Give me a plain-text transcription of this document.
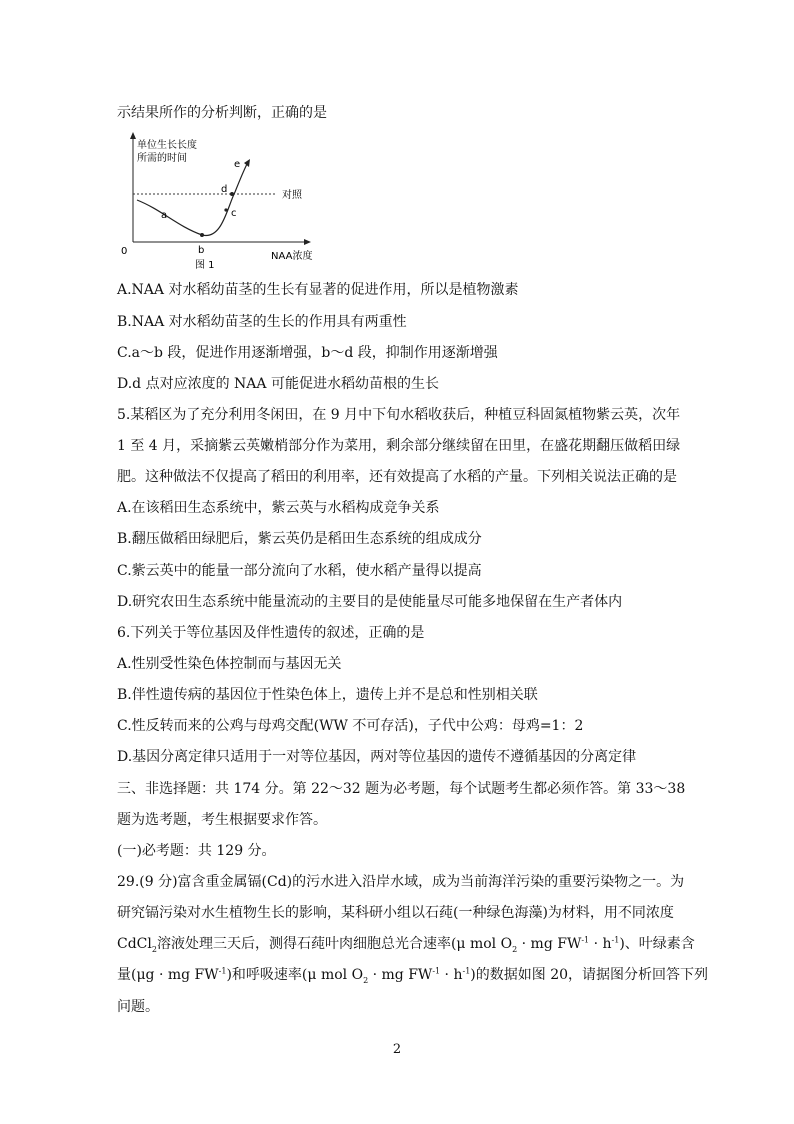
示结果所作的分析判断，正确的是
单位生长长度
所需的时间
0	NAA浓度
对照
a
b
c
d
e
图 1
A.NAA 对水稻幼苗茎的生长有显著的促进作用，所以是植物激素
B.NAA 对水稻幼苗茎的生长的作用具有两重性
C.a～b 段，促进作用逐渐增强，b～d 段，抑制作用逐渐增强
D.d 点对应浓度的 NAA 可能促进水稻幼苗根的生长
5.某稻区为了充分利用冬闲田，在 9 月中下旬水稻收获后，种植豆科固氮植物紫云英，次年
1 至 4 月，采摘紫云英嫩梢部分作为菜用，剩余部分继续留在田里，在盛花期翻压做稻田绿
肥。这种做法不仅提高了稻田的利用率，还有效提高了水稻的产量。下列相关说法正确的是
A.在该稻田生态系统中，紫云英与水稻构成竞争关系
B.翻压做稻田绿肥后，紫云英仍是稻田生态系统的组成成分
C.紫云英中的能量一部分流向了水稻，使水稻产量得以提高
D.研究农田生态系统中能量流动的主要目的是使能量尽可能多地保留在生产者体内
6.下列关于等位基因及伴性遗传的叙述，正确的是
A.性别受性染色体控制而与基因无关
B.伴性遗传病的基因位于性染色体上，遗传上并不是总和性别相关联
C.性反转而来的公鸡与母鸡交配(WW 不可存活)，子代中公鸡：母鸡=1：2
D.基因分离定律只适用于一对等位基因，两对等位基因的遗传不遵循基因的分离定律
三、非选择题：共 174 分。第 22～32 题为必考题，每个试题考生都必须作答。第 33～38
题为选考题，考生根据要求作答。
(一)必考题：共 129 分。
29.(9 分)富含重金属镉(Cd)的污水进入沿岸水域，成为当前海洋污染的重要污染物之一。为
研究镉污染对水生植物生长的影响，某科研小组以石莼(一种绿色海藻)为材料，用不同浓度
CdCl$_2$溶液处理三天后，测得石莼叶肉细胞总光合速率(μ mol $O_2$ · mg $FW^{-1} \cdot h^{-1}$)、叶绿素含
量(μg · mg $FW^{-1}$)和呼吸速率(μ mol $O_2$ · mg $FW^{-1} \cdot h^{-1}$)的数据如图 20，请据图分析回答下列
问题。
2
